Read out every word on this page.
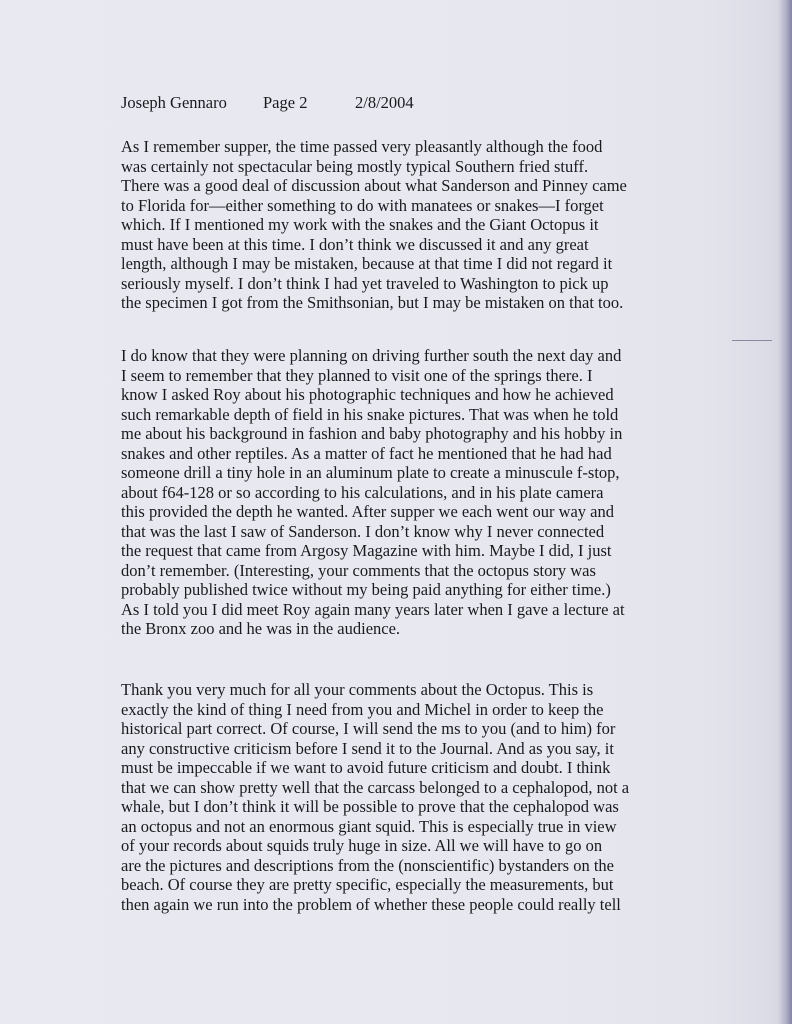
Joseph Gennaro Page 2	2/8/2004
As I remember supper, the time passed very pleasantly although the food
was certainly not spectacular being mostly typical Southern fried stuff.
There was a good deal of discussion about what Sanderson and Pinney came
to Florida for—either something to do with manatees or snakes—I forget
which. If I mentioned my work with the snakes and the Giant Octopus it
must have been at this time. I don’t think we discussed it and any great
length, although I may be mistaken, because at that time I did not regard it
seriously myself. I don’t think I had yet traveled to Washington to pick up
the specimen I got from the Smithsonian, but I may be mistaken on that too.
I do know that they were planning on driving further south the next day and
I seem to remember that they planned to visit one of the springs there. I
know I asked Roy about his photographic techniques and how he achieved
such remarkable depth of field in his snake pictures. That was when he told
me about his background in fashion and baby photography and his hobby in
snakes and other reptiles. As a matter of fact he mentioned that he had had
someone drill a tiny hole in an aluminum plate to create a minuscule f-stop,
about f64-128 or so according to his calculations, and in his plate camera
this provided the depth he wanted. After supper we each went our way and
that was the last I saw of Sanderson. I don’t know why I never connected
the request that came from Argosy Magazine with him. Maybe I did, I just
don’t remember. (Interesting, your comments that the octopus story was
probably published twice without my being paid anything for either time.)
As I told you I did meet Roy again many years later when I gave a lecture at
the Bronx zoo and he was in the audience.
Thank you very much for all your comments about the Octopus. This is
exactly the kind of thing I need from you and Michel in order to keep the
historical part correct. Of course, I will send the ms to you (and to him) for
any constructive criticism before I send it to the Journal. And as you say, it
must be impeccable if we want to avoid future criticism and doubt. I think
that we can show pretty well that the carcass belonged to a cephalopod, not a
whale, but I don’t think it will be possible to prove that the cephalopod was
an octopus and not an enormous giant squid. This is especially true in view
of your records about squids truly huge in size. All we will have to go on
are the pictures and descriptions from the (nonscientific) bystanders on the
beach. Of course they are pretty specific, especially the measurements, but
then again we run into the problem of whether these people could really tell
